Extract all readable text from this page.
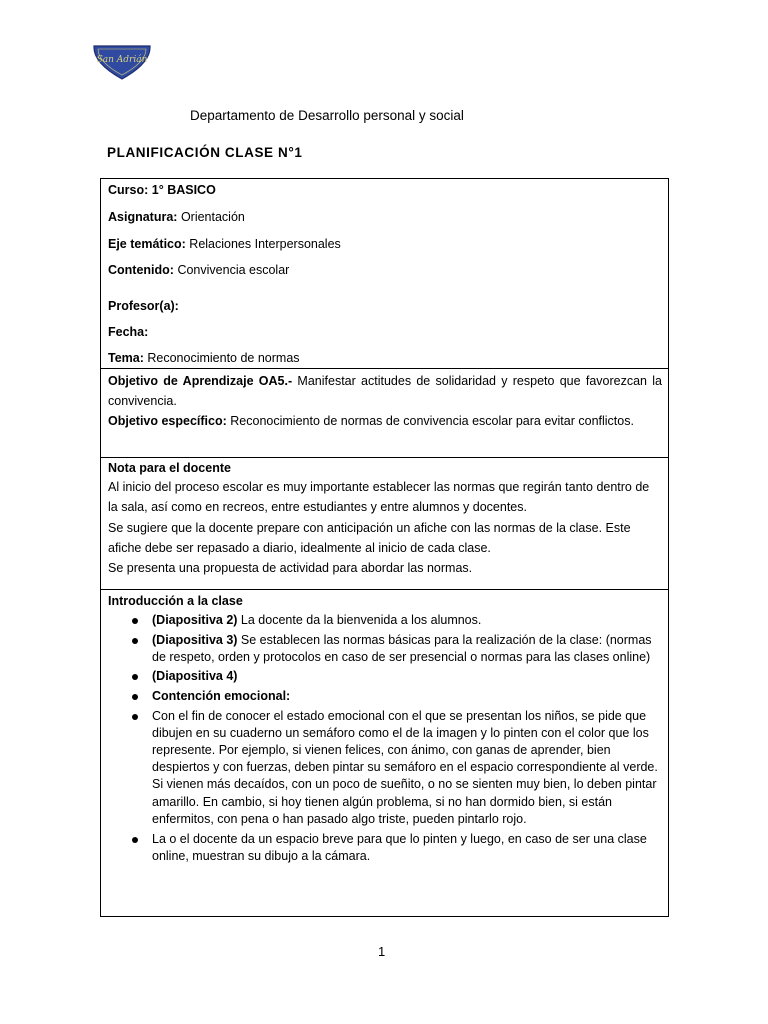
San Adrián
Departamento de Desarrollo personal y social
PLANIFICACIÓN CLASE N°1
Curso: 1° BASICO
Asignatura: Orientación
Eje temático: Relaciones Interpersonales
Contenido: Convivencia escolar
Profesor(a):
Fecha:
Tema: Reconocimiento de normas
Objetivo de Aprendizaje OA5.- Manifestar actitudes de solidaridad y respeto que favorezcan la convivencia.
Objetivo específico: Reconocimiento de normas de convivencia escolar para evitar conflictos.
Nota para el docente
Al inicio del proceso escolar es muy importante establecer las normas que regirán tanto dentro de la sala, así como en recreos, entre estudiantes y entre alumnos y docentes.
Se sugiere que la docente prepare con anticipación un afiche con las normas de la clase. Este afiche debe ser repasado a diario, idealmente al inicio de cada clase.
Se presenta una propuesta de actividad para abordar las normas.
Introducción a la clase
(Diapositiva 2) La docente da la bienvenida a los alumnos.
(Diapositiva 3) Se establecen las normas básicas para la realización de la clase: (normas de respeto, orden y protocolos en caso de ser presencial o normas para las clases online)
(Diapositiva 4)
Contención emocional:
Con el fin de conocer el estado emocional con el que se presentan los niños, se pide que dibujen en su cuaderno un semáforo como el de la imagen y lo pinten con el color que los represente. Por ejemplo, si vienen felices, con ánimo, con ganas de aprender, bien despiertos y con fuerzas, deben pintar su semáforo en el espacio correspondiente al verde. Si vienen más decaídos, con un poco de sueñito, o no se sienten muy bien, lo deben pintar amarillo. En cambio, si hoy tienen algún problema, si no han dormido bien, si están enfermitos, con pena o han pasado algo triste, pueden pintarlo rojo.
La o el docente da un espacio breve para que lo pinten y luego, en caso de ser una clase online, muestran su dibujo a la cámara.
1
